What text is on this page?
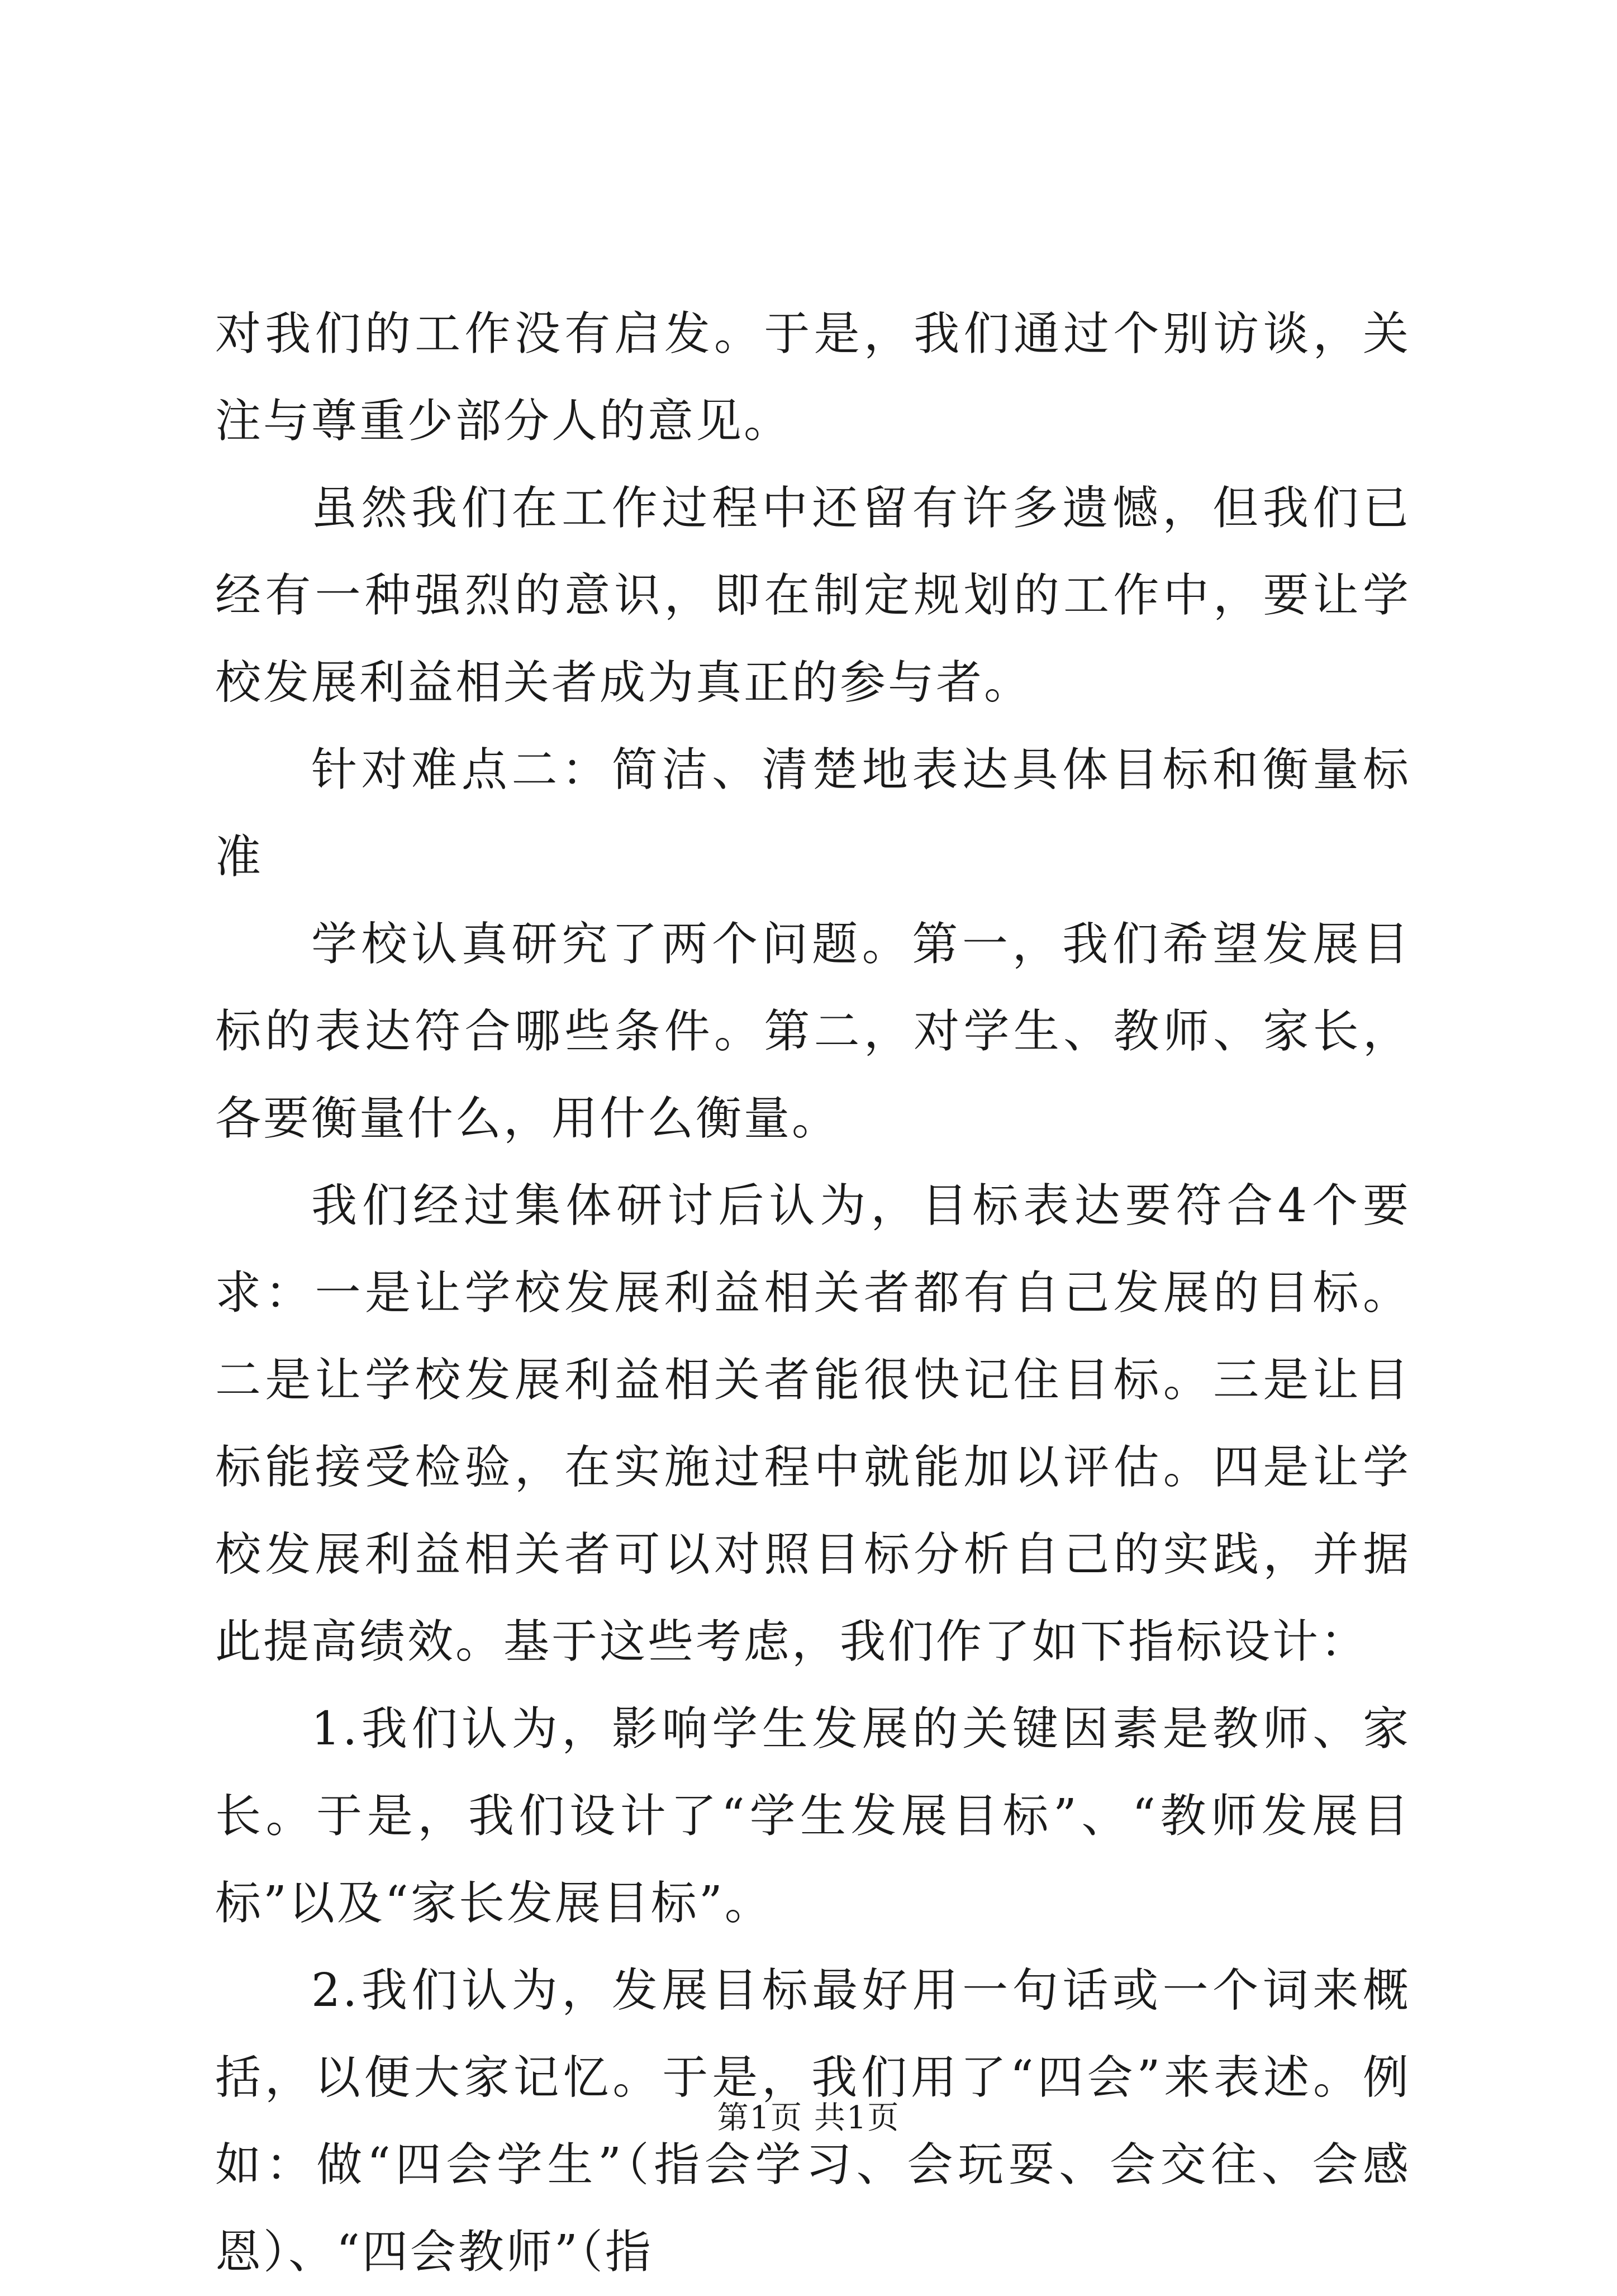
对我们的工作没有启发。于是，我们通过个别访谈，关注与尊重少部分人的意见。

虽然我们在工作过程中还留有许多遗憾，但我们已经有一种强烈的意识，即在制定规划的工作中，要让学校发展利益相关者成为真正的参与者。

针对难点二：简洁、清楚地表达具体目标和衡量标准

学校认真研究了两个问题。第一，我们希望发展目标的表达符合哪些条件。第二，对学生、教师、家长，各要衡量什么，用什么衡量。

我们经过集体研讨后认为，目标表达要符合4个要求：一是让学校发展利益相关者都有自己发展的目标。二是让学校发展利益相关者能很快记住目标。三是让目标能接受检验，在实施过程中就能加以评估。四是让学校发展利益相关者可以对照目标分析自己的实践，并据此提高绩效。基于这些考虑，我们作了如下指标设计：

1.我们认为，影响学生发展的关键因素是教师、家长。于是，我们设计了“学生发展目标”、“教师发展目标”以及“家长发展目标”。

2.我们认为，发展目标最好用一句话或一个词来概括，以便大家记忆。于是，我们用了“四会”来表述。例如：做“四会学生”（指会学习、会玩耍、会交往、会感恩）、“四会教师”（指

第1页 共1页
